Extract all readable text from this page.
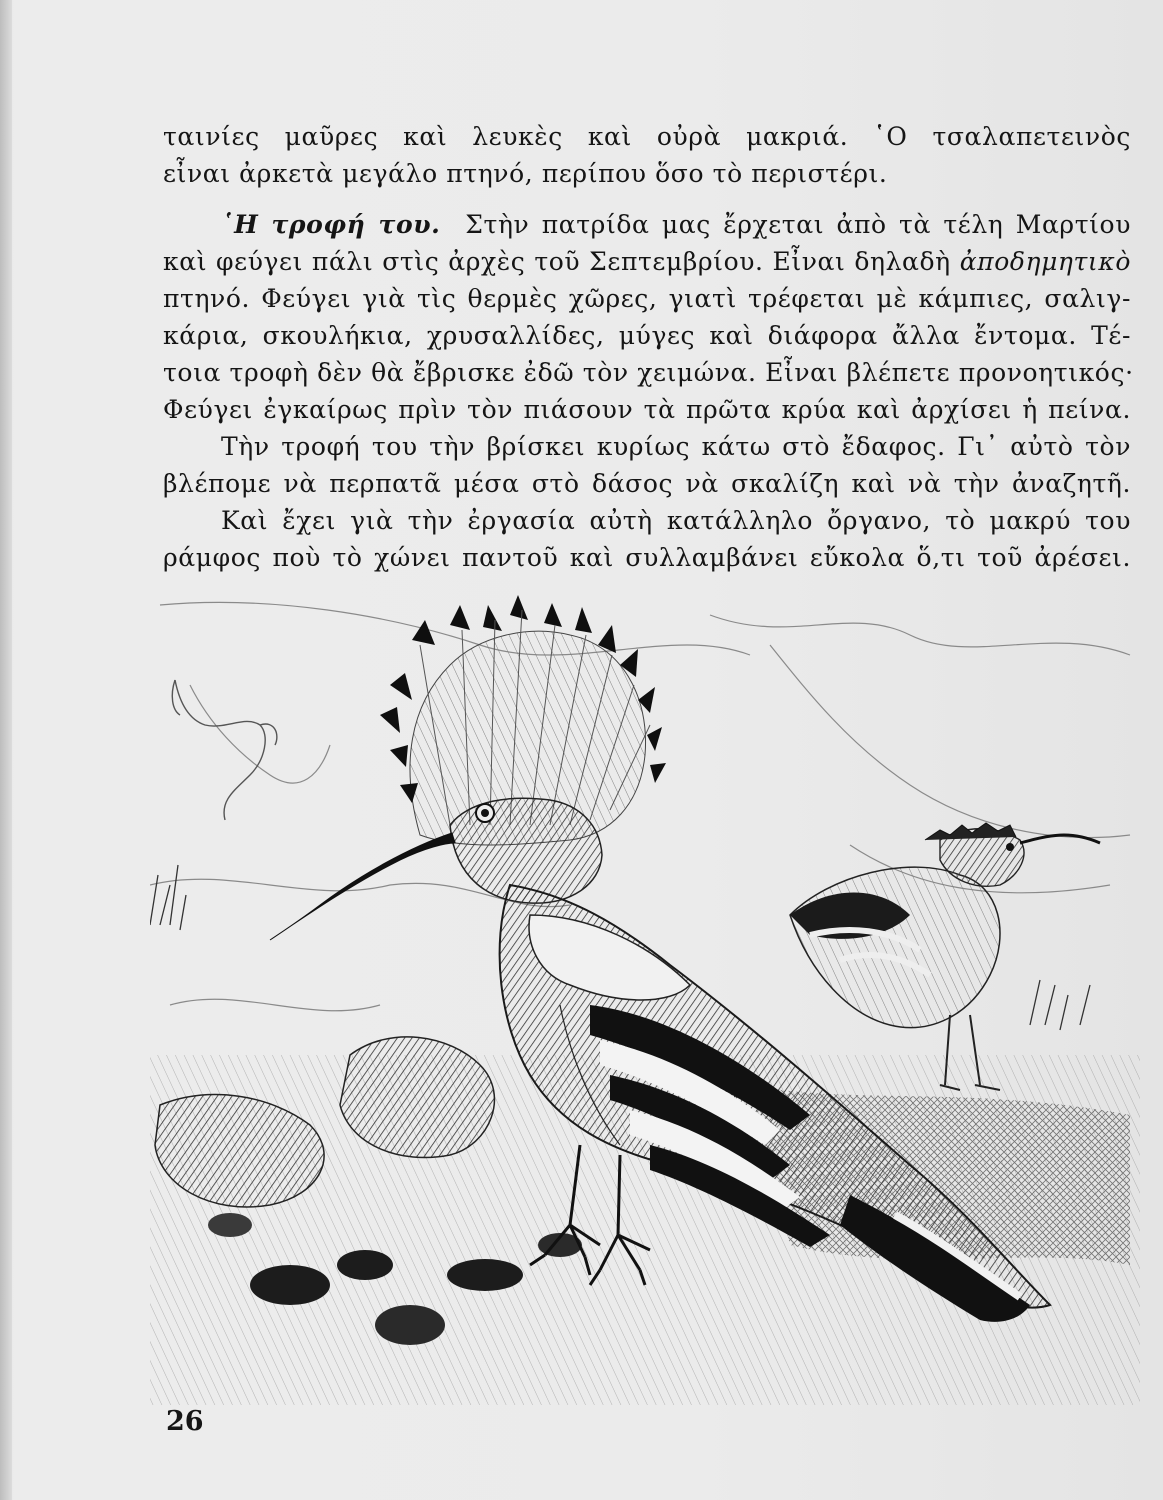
ταινίες μαῦρες καὶ λευκὲς καὶ οὐρὰ μακριά. ῾Ο τσαλαπετεινὸς
εἶναι ἀρκετὰ μεγάλο πτηνό, περίπου ὅσο τὸ περιστέρι.
῾Η τροφή του. Στὴν πατρίδα μας ἔρχεται ἀπὸ τὰ τέλη Μαρτίου
καὶ φεύγει πάλι στὶς ἀρχὲς τοῦ Σεπτεμβρίου. Εἶναι δηλαδὴ ἀποδημητικὸ
πτηνό. Φεύγει γιὰ τὶς θερμὲς χῶρες, γιατὶ τρέφεται μὲ κάμπιες, σαλιγ-
κάρια, σκουλήκια, χρυσαλλίδες, μύγες καὶ διάφορα ἄλλα ἔντομα. Τέ-
τοια τροφὴ δὲν θὰ ἔβρισκε ἐδῶ τὸν χειμώνα. Εἶναι βλέπετε προνοητικός·
Φεύγει ἐγκαίρως πρὶν τὸν πιάσουν τὰ πρῶτα κρύα καὶ ἀρχίσει ἡ πείνα.
Τὴν τροφή του τὴν βρίσκει κυρίως κάτω στὸ ἔδαφος. Γι᾽ αὐτὸ τὸν
βλέπομε νὰ περπατᾶ μέσα στὸ δάσος νὰ σκαλίζη καὶ νὰ τὴν ἀναζητῆ.
Καὶ ἔχει γιὰ τὴν ἐργασία αὐτὴ κατάλληλο ὄργανο, τὸ μακρύ του
ράμφος ποὺ τὸ χώνει παντοῦ καὶ συλλαμβάνει εὔκολα ὅ,τι τοῦ ἀρέσει.
26
